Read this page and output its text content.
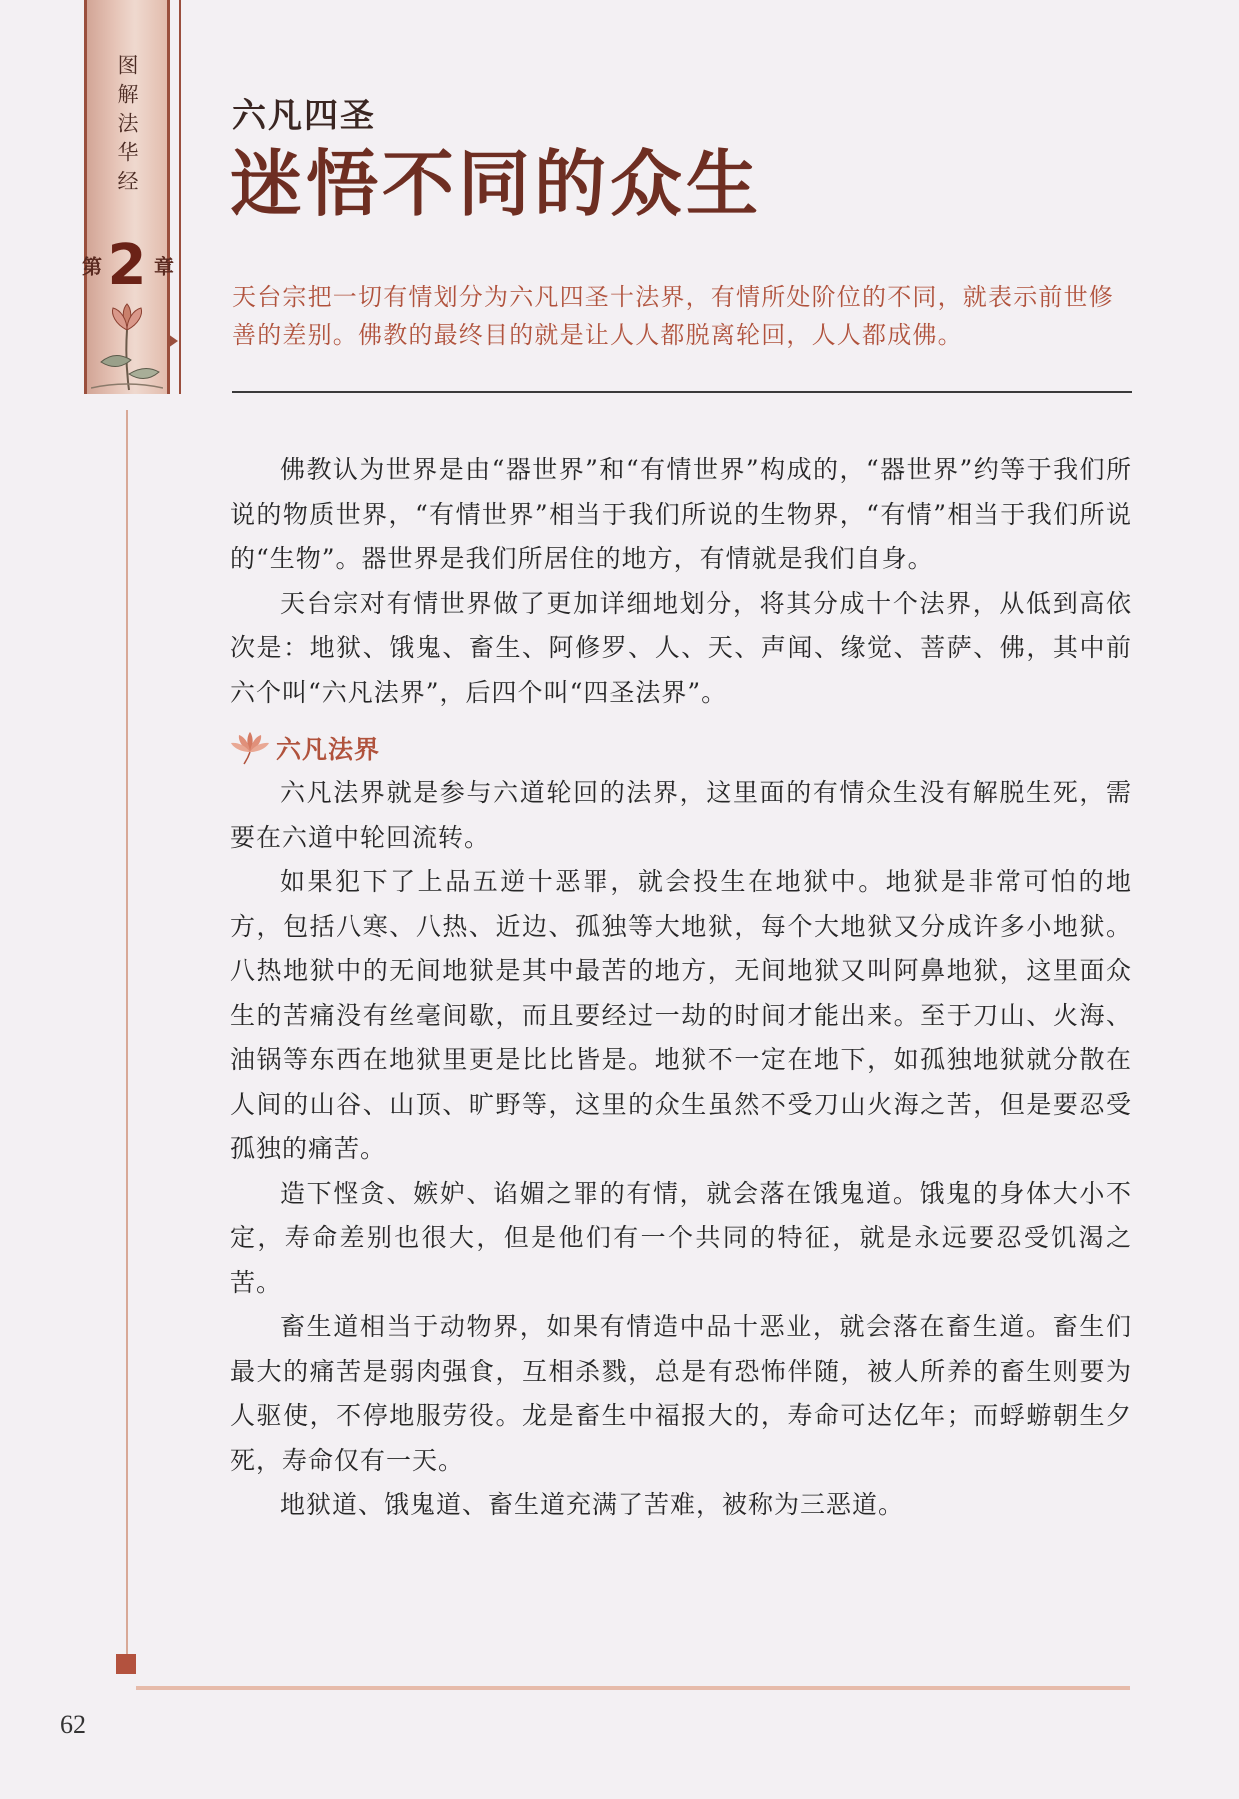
图解法华经
第 2 章
六凡四圣
迷悟不同的众生

天台宗把一切有情划分为六凡四圣十法界，有情所处阶位的不同，就表示前世修善的差别。佛教的最终目的就是让人人都脱离轮回，人人都成佛。

佛教认为世界是由“器世界”和“有情世界”构成的，“器世界”约等于我们所说的物质世界，“有情世界”相当于我们所说的生物界，“有情”相当于我们所说的“生物”。器世界是我们所居住的地方，有情就是我们自身。

天台宗对有情世界做了更加详细地划分，将其分成十个法界，从低到高依次是：地狱、饿鬼、畜生、阿修罗、人、天、声闻、缘觉、菩萨、佛，其中前六个叫“六凡法界”，后四个叫“四圣法界”。

六凡法界

六凡法界就是参与六道轮回的法界，这里面的有情众生没有解脱生死，需要在六道中轮回流转。

如果犯下了上品五逆十恶罪，就会投生在地狱中。地狱是非常可怕的地方，包括八寒、八热、近边、孤独等大地狱，每个大地狱又分成许多小地狱。八热地狱中的无间地狱是其中最苦的地方，无间地狱又叫阿鼻地狱，这里面众生的苦痛没有丝毫间歇，而且要经过一劫的时间才能出来。至于刀山、火海、油锅等东西在地狱里更是比比皆是。地狱不一定在地下，如孤独地狱就分散在人间的山谷、山顶、旷野等，这里的众生虽然不受刀山火海之苦，但是要忍受孤独的痛苦。

造下悭贪、嫉妒、谄媚之罪的有情，就会落在饿鬼道。饿鬼的身体大小不定，寿命差别也很大，但是他们有一个共同的特征，就是永远要忍受饥渴之苦。

畜生道相当于动物界，如果有情造中品十恶业，就会落在畜生道。畜生们最大的痛苦是弱肉强食，互相杀戮，总是有恐怖伴随，被人所养的畜生则要为人驱使，不停地服劳役。龙是畜生中福报大的，寿命可达亿年；而蜉蝣朝生夕死，寿命仅有一天。

地狱道、饿鬼道、畜生道充满了苦难，被称为三恶道。

62
